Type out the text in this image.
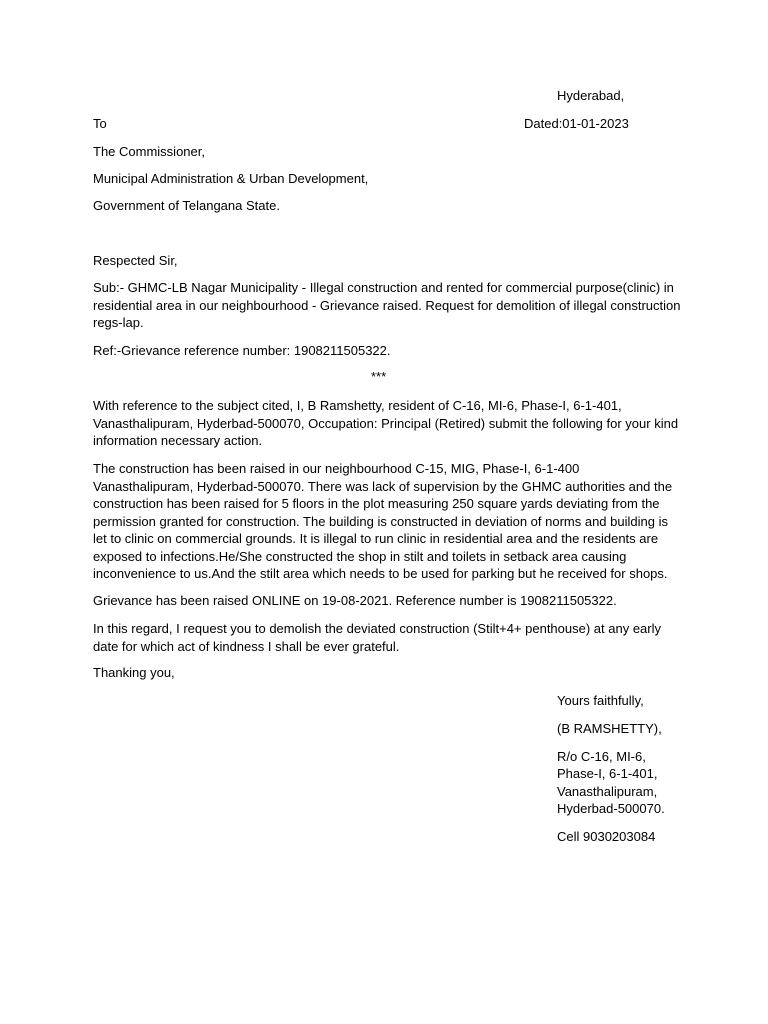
Hyderabad,

To	Dated:01-01-2023

The Commissioner,

Municipal Administration & Urban Development,

Government of Telangana State.

Respected Sir,

Sub:- GHMC-LB Nagar Municipality - Illegal construction and rented for commercial purpose(clinic) in residential area in our neighbourhood - Grievance raised. Request for demolition of illegal construction regs-lap.

Ref:-Grievance reference number: 1908211505322.

***

With reference to the subject cited, I, B Ramshetty, resident of C-16, MI-6, Phase-I, 6-1-401, Vanasthalipuram, Hyderbad-500070, Occupation: Principal (Retired) submit the following for your kind information necessary action.

The construction has been raised in our neighbourhood C-15, MIG, Phase-I, 6-1-400 Vanasthalipuram, Hyderbad-500070. There was lack of supervision by the GHMC authorities and the construction has been raised for 5 floors in the plot measuring 250 square yards deviating from the permission granted for construction. The building is constructed in deviation of norms and building is let to clinic on commercial grounds. It is illegal to run clinic in residential area and the residents are exposed to infections.He/She constructed the shop in stilt and toilets in setback area causing inconvenience to us.And the stilt area which needs to be used for parking but he received for shops.

Grievance has been raised ONLINE on 19-08-2021. Reference number is 1908211505322.

In this regard, I request you to demolish the deviated construction (Stilt+4+ penthouse) at any early date for which act of kindness I shall be ever grateful.

Thanking you,

Yours faithfully,

(B RAMSHETTY),

R/o C-16, MI-6,

Phase-I, 6-1-401,

Vanasthalipuram,

Hyderbad-500070.

Cell 9030203084
